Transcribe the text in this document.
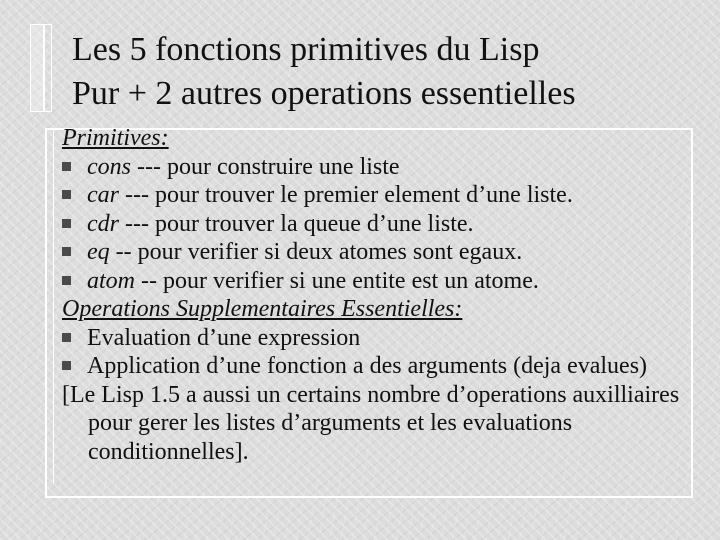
Les 5 fonctions primitives du Lisp
Pur + 2 autres operations essentielles
Primitives:
cons --- pour construire une liste
car --- pour trouver le premier element d’une liste.
cdr --- pour trouver la queue d’une liste.
eq -- pour verifier si deux atomes sont egaux.
atom -- pour verifier si une entite est un atome.
Operations Supplementaires Essentielles:
Evaluation d’une expression
Application d’une fonction a des arguments (deja evalues)
[Le Lisp 1.5 a aussi un certains nombre d’operations auxilliaires pour gerer les listes d’arguments et les evaluations conditionnelles].
